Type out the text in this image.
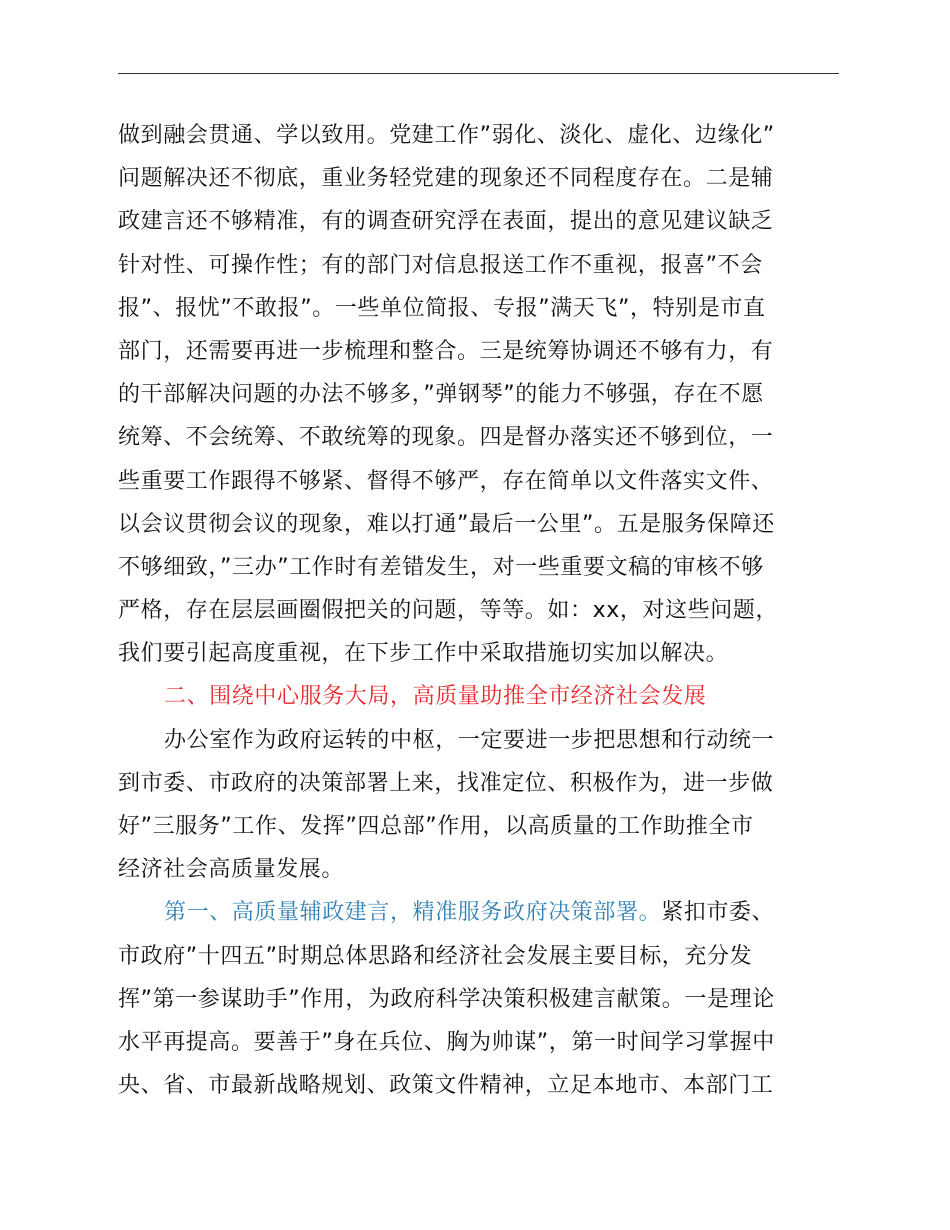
做到融会贯通、学以致用。党建工作”弱化、淡化、虚化、边缘化”
问题解决还不彻底，重业务轻党建的现象还不同程度存在。二是辅
政建言还不够精准，有的调查研究浮在表面，提出的意见建议缺乏
针对性、可操作性；有的部门对信息报送工作不重视，报喜”不会
报”、报忧”不敢报”。一些单位简报、专报”满天飞”，特别是市直
部门，还需要再进一步梳理和整合。三是统筹协调还不够有力，有
的干部解决问题的办法不够多，”弹钢琴”的能力不够强，存在不愿
统筹、不会统筹、不敢统筹的现象。四是督办落实还不够到位，一
些重要工作跟得不够紧、督得不够严，存在简单以文件落实文件、
以会议贯彻会议的现象，难以打通”最后一公里”。五是服务保障还
不够细致，”三办”工作时有差错发生，对一些重要文稿的审核不够
严格，存在层层画圈假把关的问题，等等。如：xx，对这些问题，
我们要引起高度重视，在下步工作中采取措施切实加以解决。
二、围绕中心服务大局，高质量助推全市经济社会发展
办公室作为政府运转的中枢，一定要进一步把思想和行动统一
到市委、市政府的决策部署上来，找准定位、积极作为，进一步做
好”三服务”工作、发挥”四总部”作用，以高质量的工作助推全市
经济社会高质量发展。
第一、高质量辅政建言，精准服务政府决策部署。紧扣市委、
市政府”十四五”时期总体思路和经济社会发展主要目标，充分发
挥”第一参谋助手”作用，为政府科学决策积极建言献策。一是理论
水平再提高。要善于”身在兵位、胸为帅谋”，第一时间学习掌握中
央、省、市最新战略规划、政策文件精神，立足本地市、本部门工
